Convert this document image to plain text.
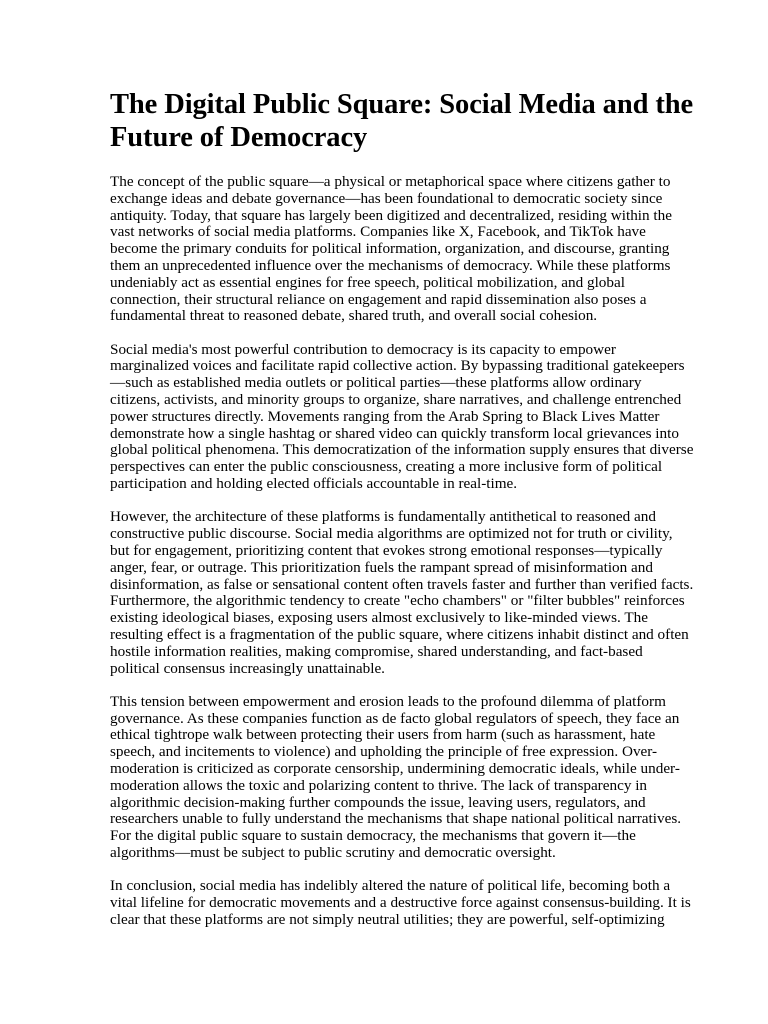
The Digital Public Square: Social Media and the Future of Democracy

The concept of the public square—a physical or metaphorical space where citizens gather to exchange ideas and debate governance—has been foundational to democratic society since antiquity. Today, that square has largely been digitized and decentralized, residing within the vast networks of social media platforms. Companies like X, Facebook, and TikTok have become the primary conduits for political information, organization, and discourse, granting them an unprecedented influence over the mechanisms of democracy. While these platforms undeniably act as essential engines for free speech, political mobilization, and global connection, their structural reliance on engagement and rapid dissemination also poses a fundamental threat to reasoned debate, shared truth, and overall social cohesion.

Social media's most powerful contribution to democracy is its capacity to empower marginalized voices and facilitate rapid collective action. By bypassing traditional gatekeepers—such as established media outlets or political parties—these platforms allow ordinary citizens, activists, and minority groups to organize, share narratives, and challenge entrenched power structures directly. Movements ranging from the Arab Spring to Black Lives Matter demonstrate how a single hashtag or shared video can quickly transform local grievances into global political phenomena. This democratization of the information supply ensures that diverse perspectives can enter the public consciousness, creating a more inclusive form of political participation and holding elected officials accountable in real-time.

However, the architecture of these platforms is fundamentally antithetical to reasoned and constructive public discourse. Social media algorithms are optimized not for truth or civility, but for engagement, prioritizing content that evokes strong emotional responses—typically anger, fear, or outrage. This prioritization fuels the rampant spread of misinformation and disinformation, as false or sensational content often travels faster and further than verified facts. Furthermore, the algorithmic tendency to create "echo chambers" or "filter bubbles" reinforces existing ideological biases, exposing users almost exclusively to like-minded views. The resulting effect is a fragmentation of the public square, where citizens inhabit distinct and often hostile information realities, making compromise, shared understanding, and fact-based political consensus increasingly unattainable.

This tension between empowerment and erosion leads to the profound dilemma of platform governance. As these companies function as de facto global regulators of speech, they face an ethical tightrope walk between protecting their users from harm (such as harassment, hate speech, and incitements to violence) and upholding the principle of free expression. Over-moderation is criticized as corporate censorship, undermining democratic ideals, while under-moderation allows the toxic and polarizing content to thrive. The lack of transparency in algorithmic decision-making further compounds the issue, leaving users, regulators, and researchers unable to fully understand the mechanisms that shape national political narratives. For the digital public square to sustain democracy, the mechanisms that govern it—the algorithms—must be subject to public scrutiny and democratic oversight.

In conclusion, social media has indelibly altered the nature of political life, becoming both a vital lifeline for democratic movements and a destructive force against consensus-building. It is clear that these platforms are not simply neutral utilities; they are powerful, self-optimizing
